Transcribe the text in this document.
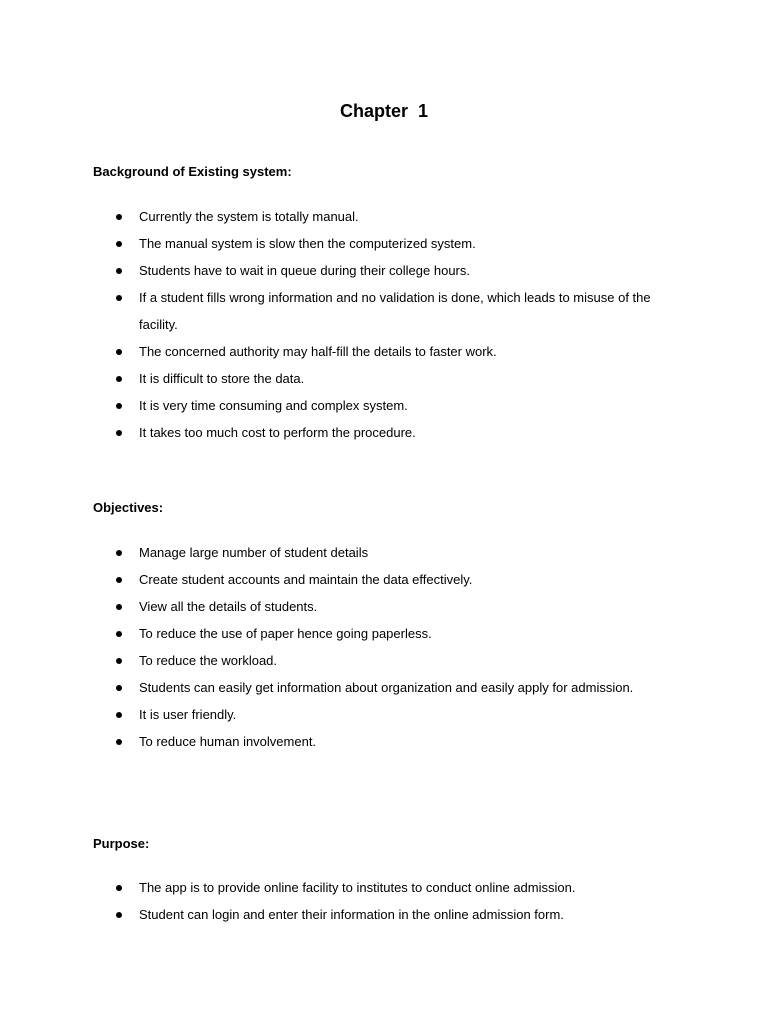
Chapter  1

Background of Existing system:

Currently the system is totally manual.
The manual system is slow then the computerized system.
Students have to wait in queue during their college hours.
If a student fills wrong information and no validation is done, which leads to misuse of the facility.
The concerned authority may half-fill the details to faster work.
It is difficult to store the data.
It is very time consuming and complex system.
It takes too much cost to perform the procedure.

Objectives:

Manage large number of student details
Create student accounts and maintain the data effectively.
View all the details of students.
To reduce the use of paper hence going paperless.
To reduce the workload.
Students can easily get information about organization and easily apply for admission.
It is user friendly.
To reduce human involvement.

Purpose:

The app is to provide online facility to institutes to conduct online admission.
Student can login and enter their information in the online admission form.
